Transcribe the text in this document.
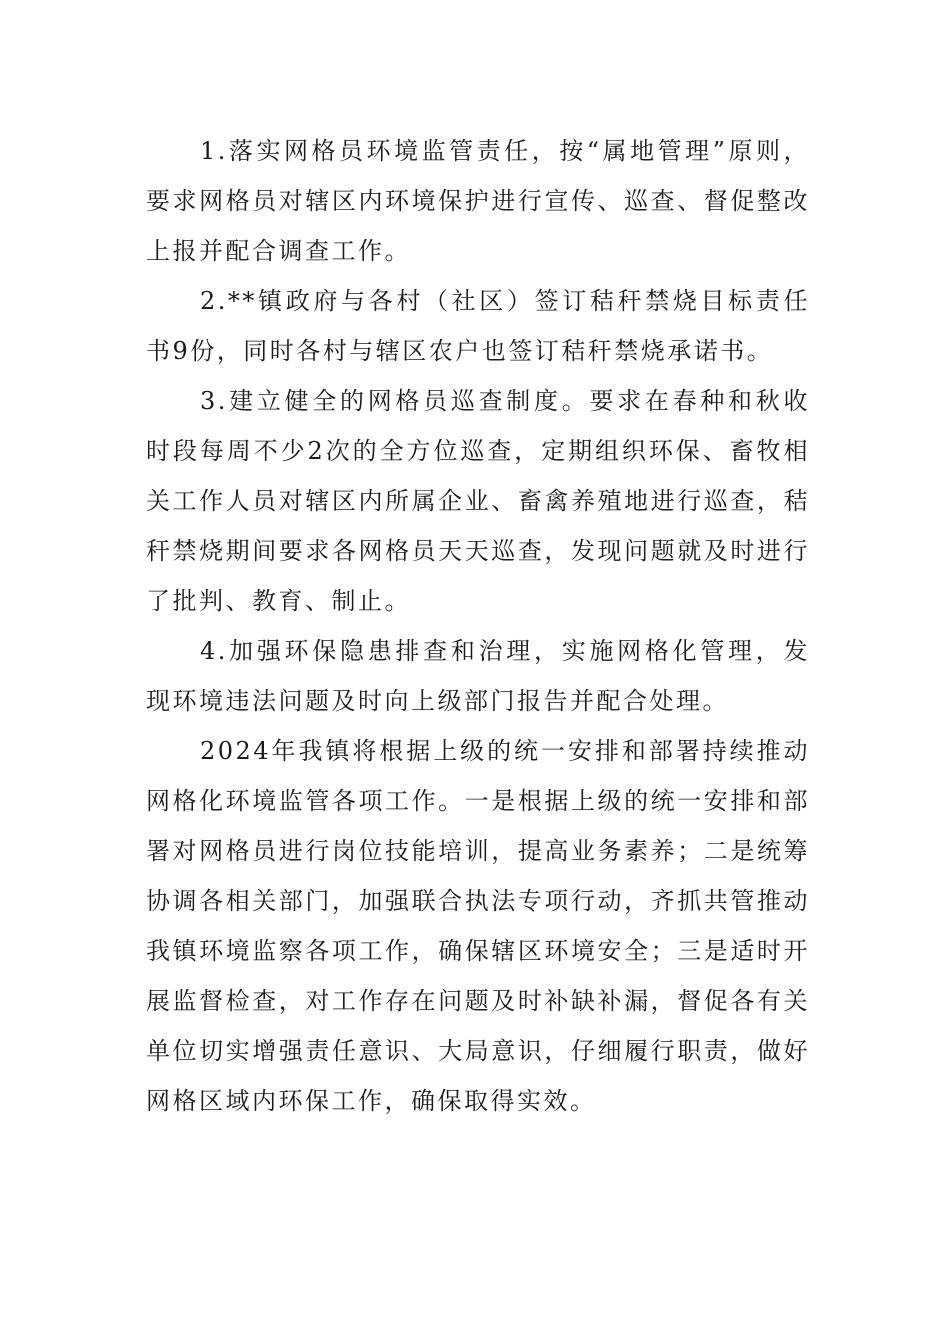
1.落实网格员环境监管责任，按“属地管理”原则，要求网格员对辖区内环境保护进行宣传、巡查、督促整改上报并配合调查工作。

2.**镇政府与各村（社区）签订秸秆禁烧目标责任书9份，同时各村与辖区农户也签订秸秆禁烧承诺书。

3.建立健全的网格员巡查制度。要求在春种和秋收时段每周不少2次的全方位巡查，定期组织环保、畜牧相关工作人员对辖区内所属企业、畜禽养殖地进行巡查，秸秆禁烧期间要求各网格员天天巡查，发现问题就及时进行了批判、教育、制止。

4.加强环保隐患排查和治理，实施网格化管理，发现环境违法问题及时向上级部门报告并配合处理。

2024年我镇将根据上级的统一安排和部署持续推动网格化环境监管各项工作。一是根据上级的统一安排和部署对网格员进行岗位技能培训，提高业务素养；二是统筹协调各相关部门，加强联合执法专项行动，齐抓共管推动我镇环境监察各项工作，确保辖区环境安全；三是适时开展监督检查，对工作存在问题及时补缺补漏，督促各有关单位切实增强责任意识、大局意识，仔细履行职责，做好网格区域内环保工作，确保取得实效。
